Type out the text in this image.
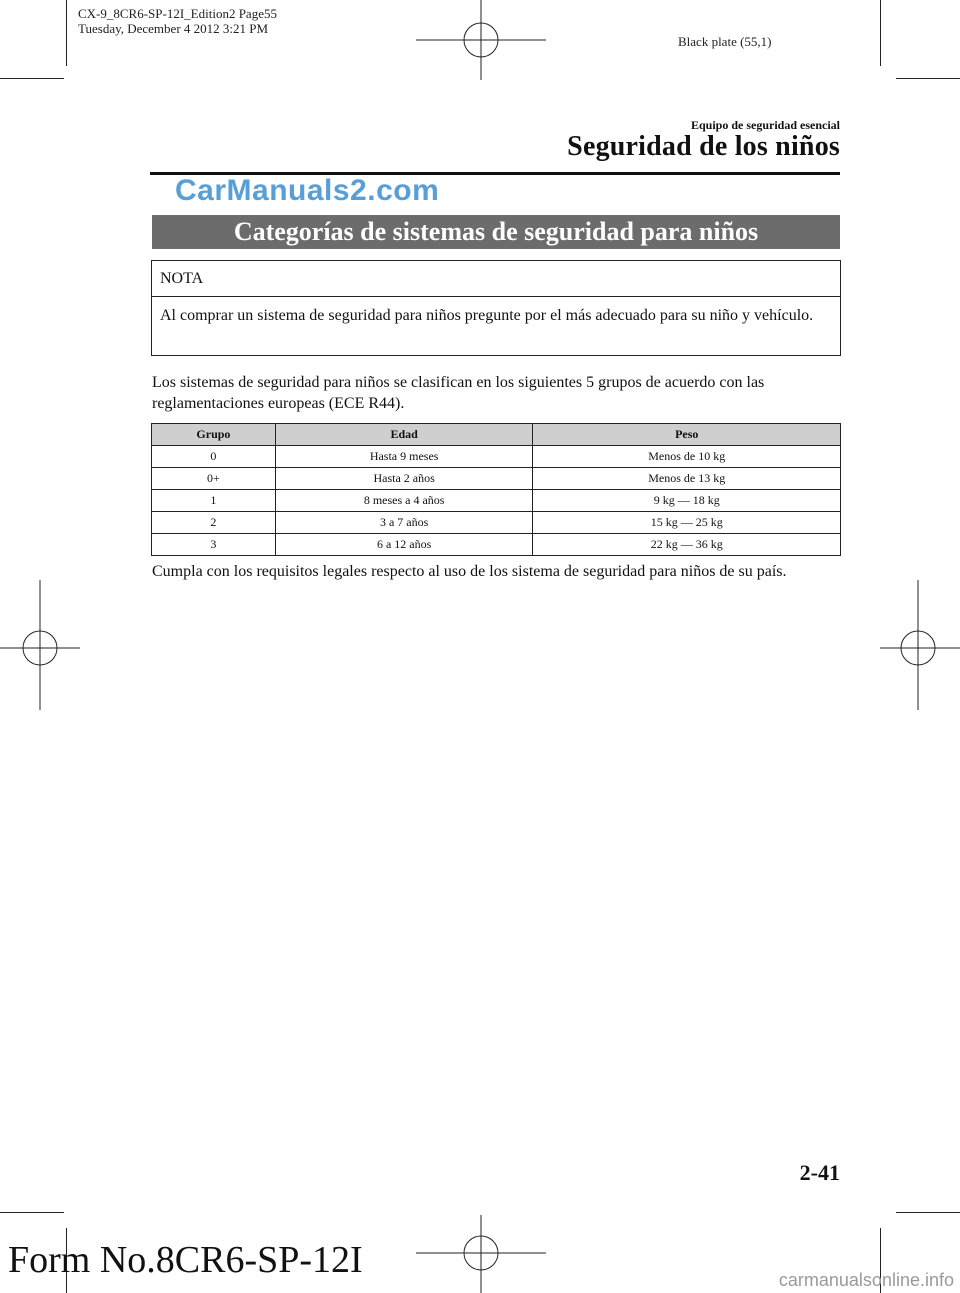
CX-9_8CR6-SP-12I_Edition2 Page55
Tuesday, December 4 2012 3:21 PM
Black plate (55,1)
Equipo de seguridad esencial
Seguridad de los niños
CarManuals2.com
Categorías de sistemas de seguridad para niños
NOTA
Al comprar un sistema de seguridad para niños pregunte por el más adecuado para su niño y vehículo.
Los sistemas de seguridad para niños se clasifican en los siguientes 5 grupos de acuerdo con las reglamentaciones europeas (ECE R44).
Grupo	Edad	Peso
0	Hasta 9 meses	Menos de 10 kg
0+	Hasta 2 años	Menos de 13 kg
1	8 meses a 4 años	9 kg ― 18 kg
2	3 a 7 años	15 kg ― 25 kg
3	6 a 12 años	22 kg ― 36 kg
Cumpla con los requisitos legales respecto al uso de los sistema de seguridad para niños de su país.
2-41
Form No.8CR6-SP-12I	carmanualsonline.info
